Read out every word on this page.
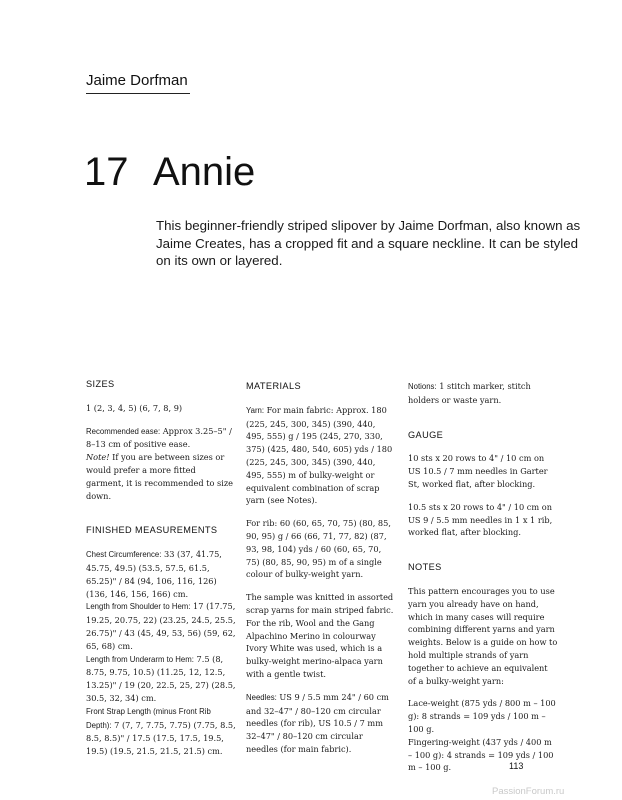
Jaime Dorfman
17 Annie
This beginner-friendly striped slipover by Jaime Dorfman, also known as Jaime Creates, has a cropped fit and a square neckline. It can be styled on its own or layered.
SIZES

1 (2, 3, 4, 5) (6, 7, 8, 9)

Recommended ease: Approx 3.25–5" / 8–13 cm of positive ease.

Note! If you are between sizes or would prefer a more fitted garment, it is recommended to size down.

FINISHED MEASUREMENTS

Chest Circumference: 33 (37, 41.75, 45.75, 49.5) (53.5, 57.5, 61.5, 65.25)" / 84 (94, 106, 116, 126) (136, 146, 156, 166) cm.

Length from Shoulder to Hem: 17 (17.75, 19.25, 20.75, 22) (23.25, 24.5, 25.5, 26.75)" / 43 (45, 49, 53, 56) (59, 62, 65, 68) cm.

Length from Underarm to Hem: 7.5 (8, 8.75, 9.75, 10.5) (11.25, 12, 12.5, 13.25)" / 19 (20, 22.5, 25, 27) (28.5, 30.5, 32, 34) cm.

Front Strap Length (minus Front Rib Depth): 7 (7, 7, 7.75, 7.75) (7.75, 8.5, 8.5, 8.5)" / 17.5 (17.5, 17.5, 19.5, 19.5) (19.5, 21.5, 21.5, 21.5) cm.

MATERIALS

Yarn: For main fabric: Approx. 180 (225, 245, 300, 345) (390, 440, 495, 555) g / 195 (245, 270, 330, 375) (425, 480, 540, 605) yds / 180 (225, 245, 300, 345) (390, 440, 495, 555) m of bulky-weight or equivalent combination of scrap yarn (see Notes).

For rib: 60 (60, 65, 70, 75) (80, 85, 90, 95) g / 66 (66, 71, 77, 82) (87, 93, 98, 104) yds / 60 (60, 65, 70, 75) (80, 85, 90, 95) m of a single colour of bulky-weight yarn.

The sample was knitted in assorted scrap yarns for main striped fabric. For the rib, Wool and the Gang Alpachino Merino in colourway Ivory White was used, which is a bulky-weight merino-alpaca yarn with a gentle twist.

Needles: US 9 / 5.5 mm 24" / 60 cm and 32–47" / 80–120 cm circular needles (for rib), US 10.5 / 7 mm 32–47" / 80–120 cm circular needles (for main fabric).

Notions: 1 stitch marker, stitch holders or waste yarn.

GAUGE

10 sts x 20 rows to 4" / 10 cm on US 10.5 / 7 mm needles in Garter St, worked flat, after blocking.

10.5 sts x 20 rows to 4" / 10 cm on US 9 / 5.5 mm needles in 1 x 1 rib, worked flat, after blocking.

NOTES

This pattern encourages you to use yarn you already have on hand, which in many cases will require combining different yarns and yarn weights. Below is a guide on how to hold multiple strands of yarn together to achieve an equivalent of a bulky-weight yarn:

Lace-weight (875 yds / 800 m – 100 g): 8 strands = 109 yds / 100 m – 100 g.

Fingering-weight (437 yds / 400 m – 100 g): 4 strands = 109 yds / 100 m – 100 g.	113
PassionForum.ru
